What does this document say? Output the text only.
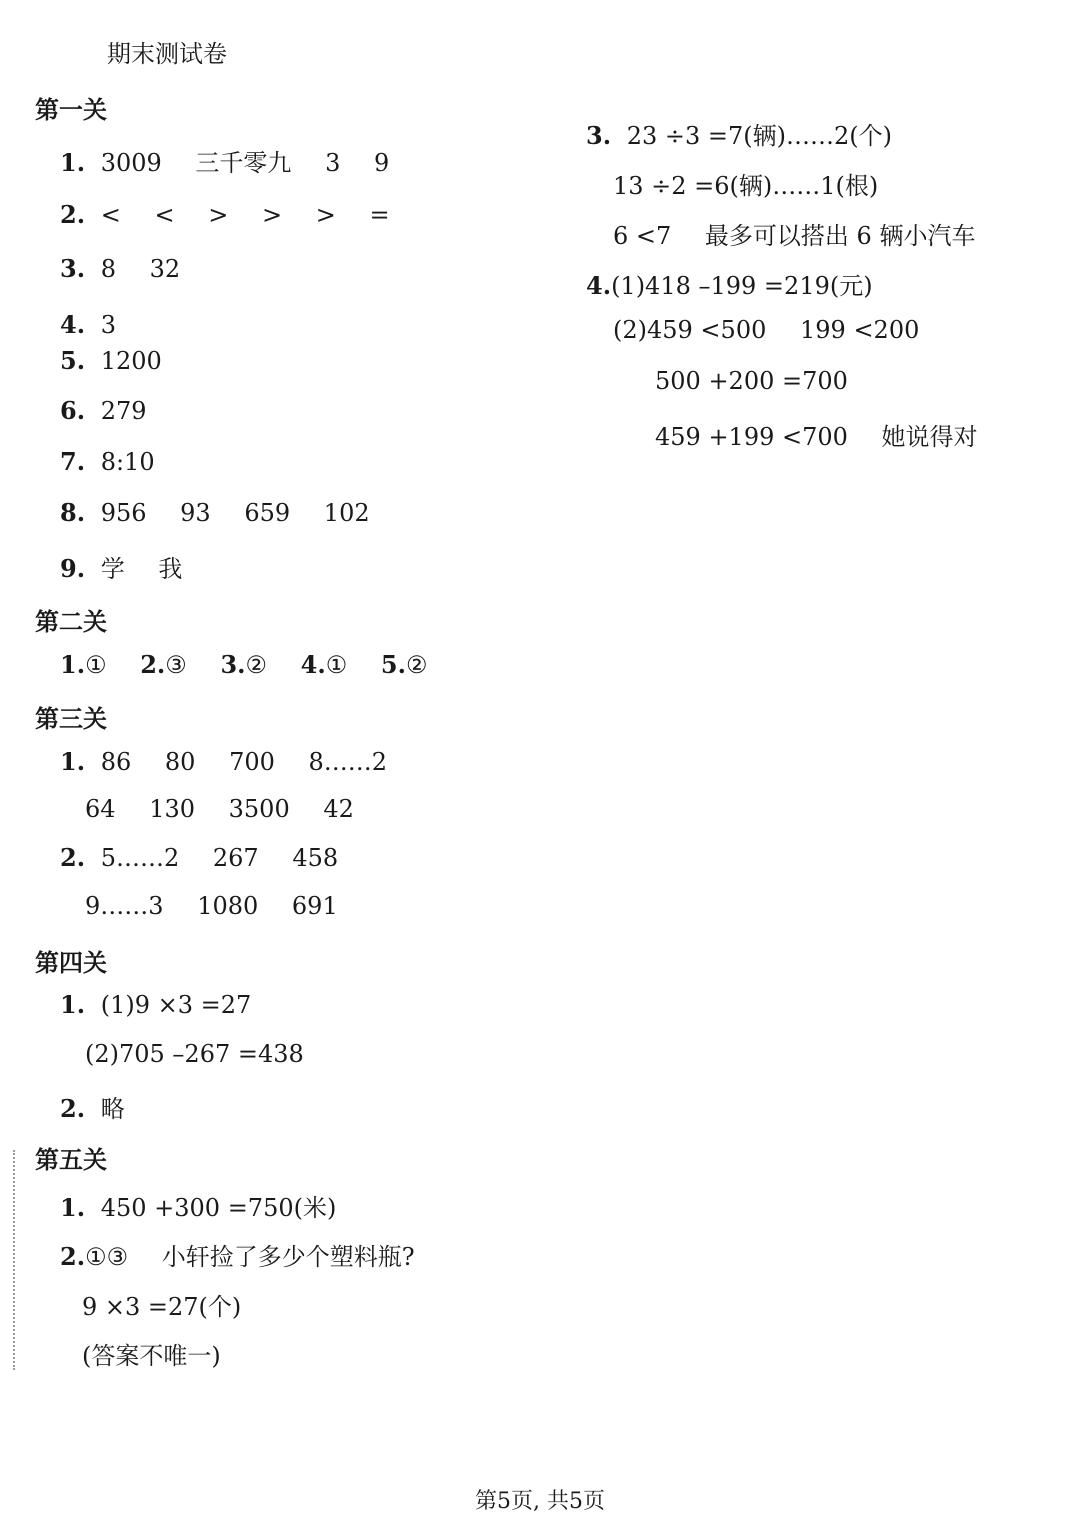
期末测试卷
第一关
1. 3009 三千零九 3 9
2. < < > > > =
3. 8 32
4. 3
5. 1200
6. 279
7. 8:10
8. 956 93 659 102
9. 学 我
第二关
1.① 2.③ 3.② 4.① 5.②
第三关
1. 86 80 700 8……2
64 130 3500 42
2. 5……2 267 458
9……3 1080 691
第四关
1. (1)9 ×3 =27
(2)705 –267 =438
2. 略
第五关
1. 450 +300 =750(米)
2.①③ 小轩捡了多少个塑料瓶?
9 ×3 =27(个)
(答案不唯一)
3. 23 ÷3 =7(辆)……2(个)
13 ÷2 =6(辆)……1(根)
6 <7 最多可以搭出 6 辆小汽车
4.(1)418 –199 =219(元)
(2)459 <500 199 <200
500 +200 =700
459 +199 <700 她说得对
第5页, 共5页
